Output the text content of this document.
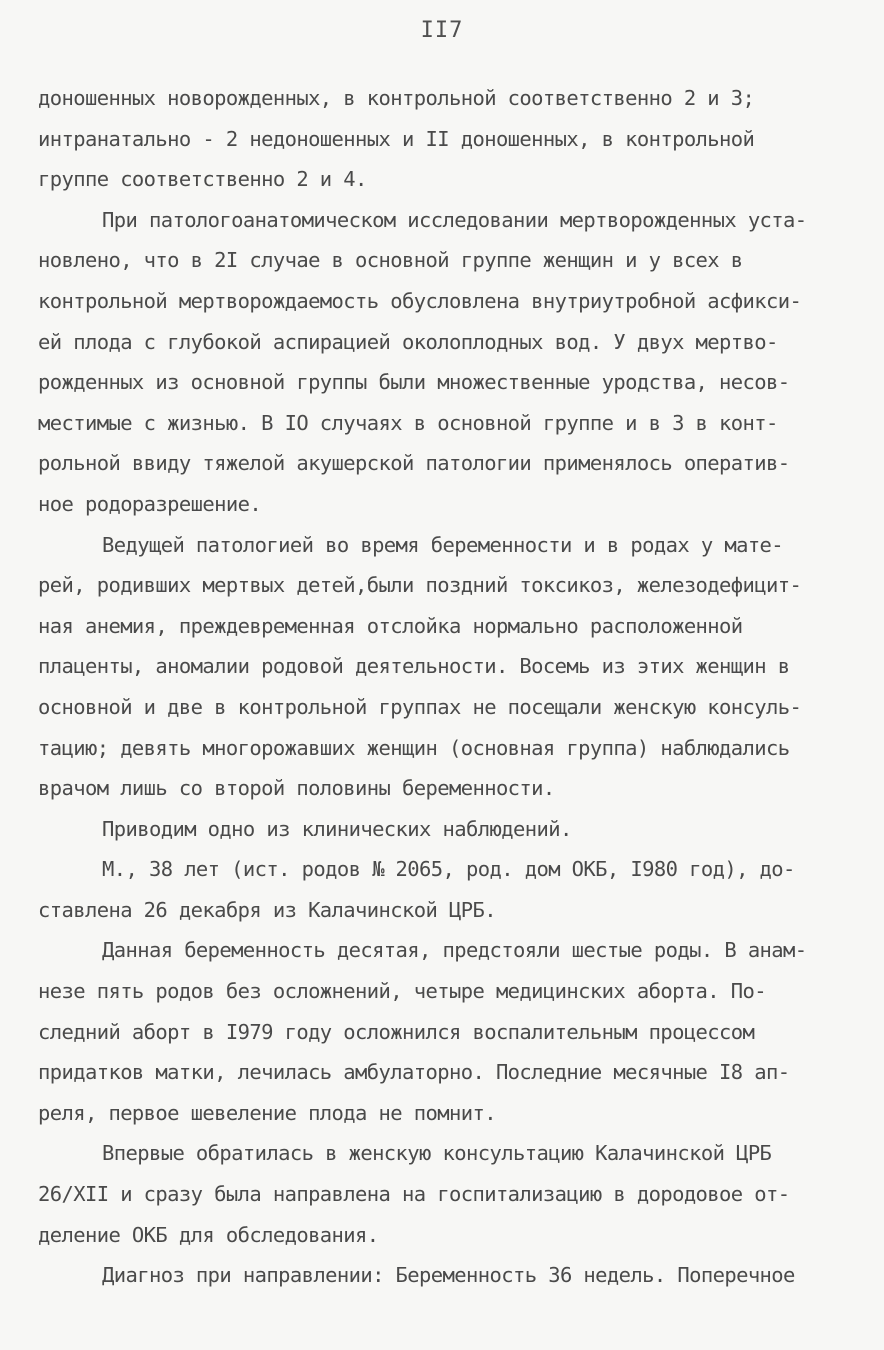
II7
доношенных новорожденных, в контрольной соответственно 2 и 3;
интранатально - 2 недоношенных и II доношенных, в контрольной
группе соответственно 2 и 4.
При патологоанатомическом исследовании мертворожденных уста-
новлено, что в 2I случае в основной группе женщин и у всех в
контрольной мертворождаемость обусловлена внутриутробной асфикси-
ей плода с глубокой аспирацией околоплодных вод. У двух мертво-
рожденных из основной группы были множественные уродства, несов-
местимые с жизнью. В IО случаях в основной группе и в 3 в конт-
рольной ввиду тяжелой акушерской патологии применялось оператив-
ное родоразрешение.
Ведущей патологией во время беременности и в родах у мате-
рей, родивших мертвых детей,были поздний токсикоз, железодефицит-
ная анемия, преждевременная отслойка нормально расположенной
плаценты, аномалии родовой деятельности. Восемь из этих женщин в
основной и две в контрольной группах не посещали женскую консуль-
тацию; девять многорожавших женщин (основная группа) наблюдались
врачом лишь со второй половины беременности.
Приводим одно из клинических наблюдений.
М., 38 лет (ист. родов № 2065, род. дом ОКБ, I980 год), до-
ставлена 26 декабря из Калачинской ЦРБ.
Данная беременность десятая, предстояли шестые роды. В анам-
незе пять родов без осложнений, четыре медицинских аборта. По-
следний аборт в I979 году осложнился воспалительным процессом
придатков матки, лечилась амбулаторно. Последние месячные I8 ап-
реля, первое шевеление плода не помнит.
Впервые обратилась в женскую консультацию Калачинской ЦРБ
26/XII и сразу была направлена на госпитализацию в дородовое от-
деление ОКБ для обследования.
Диагноз при направлении: Беременность 36 недель. Поперечное
